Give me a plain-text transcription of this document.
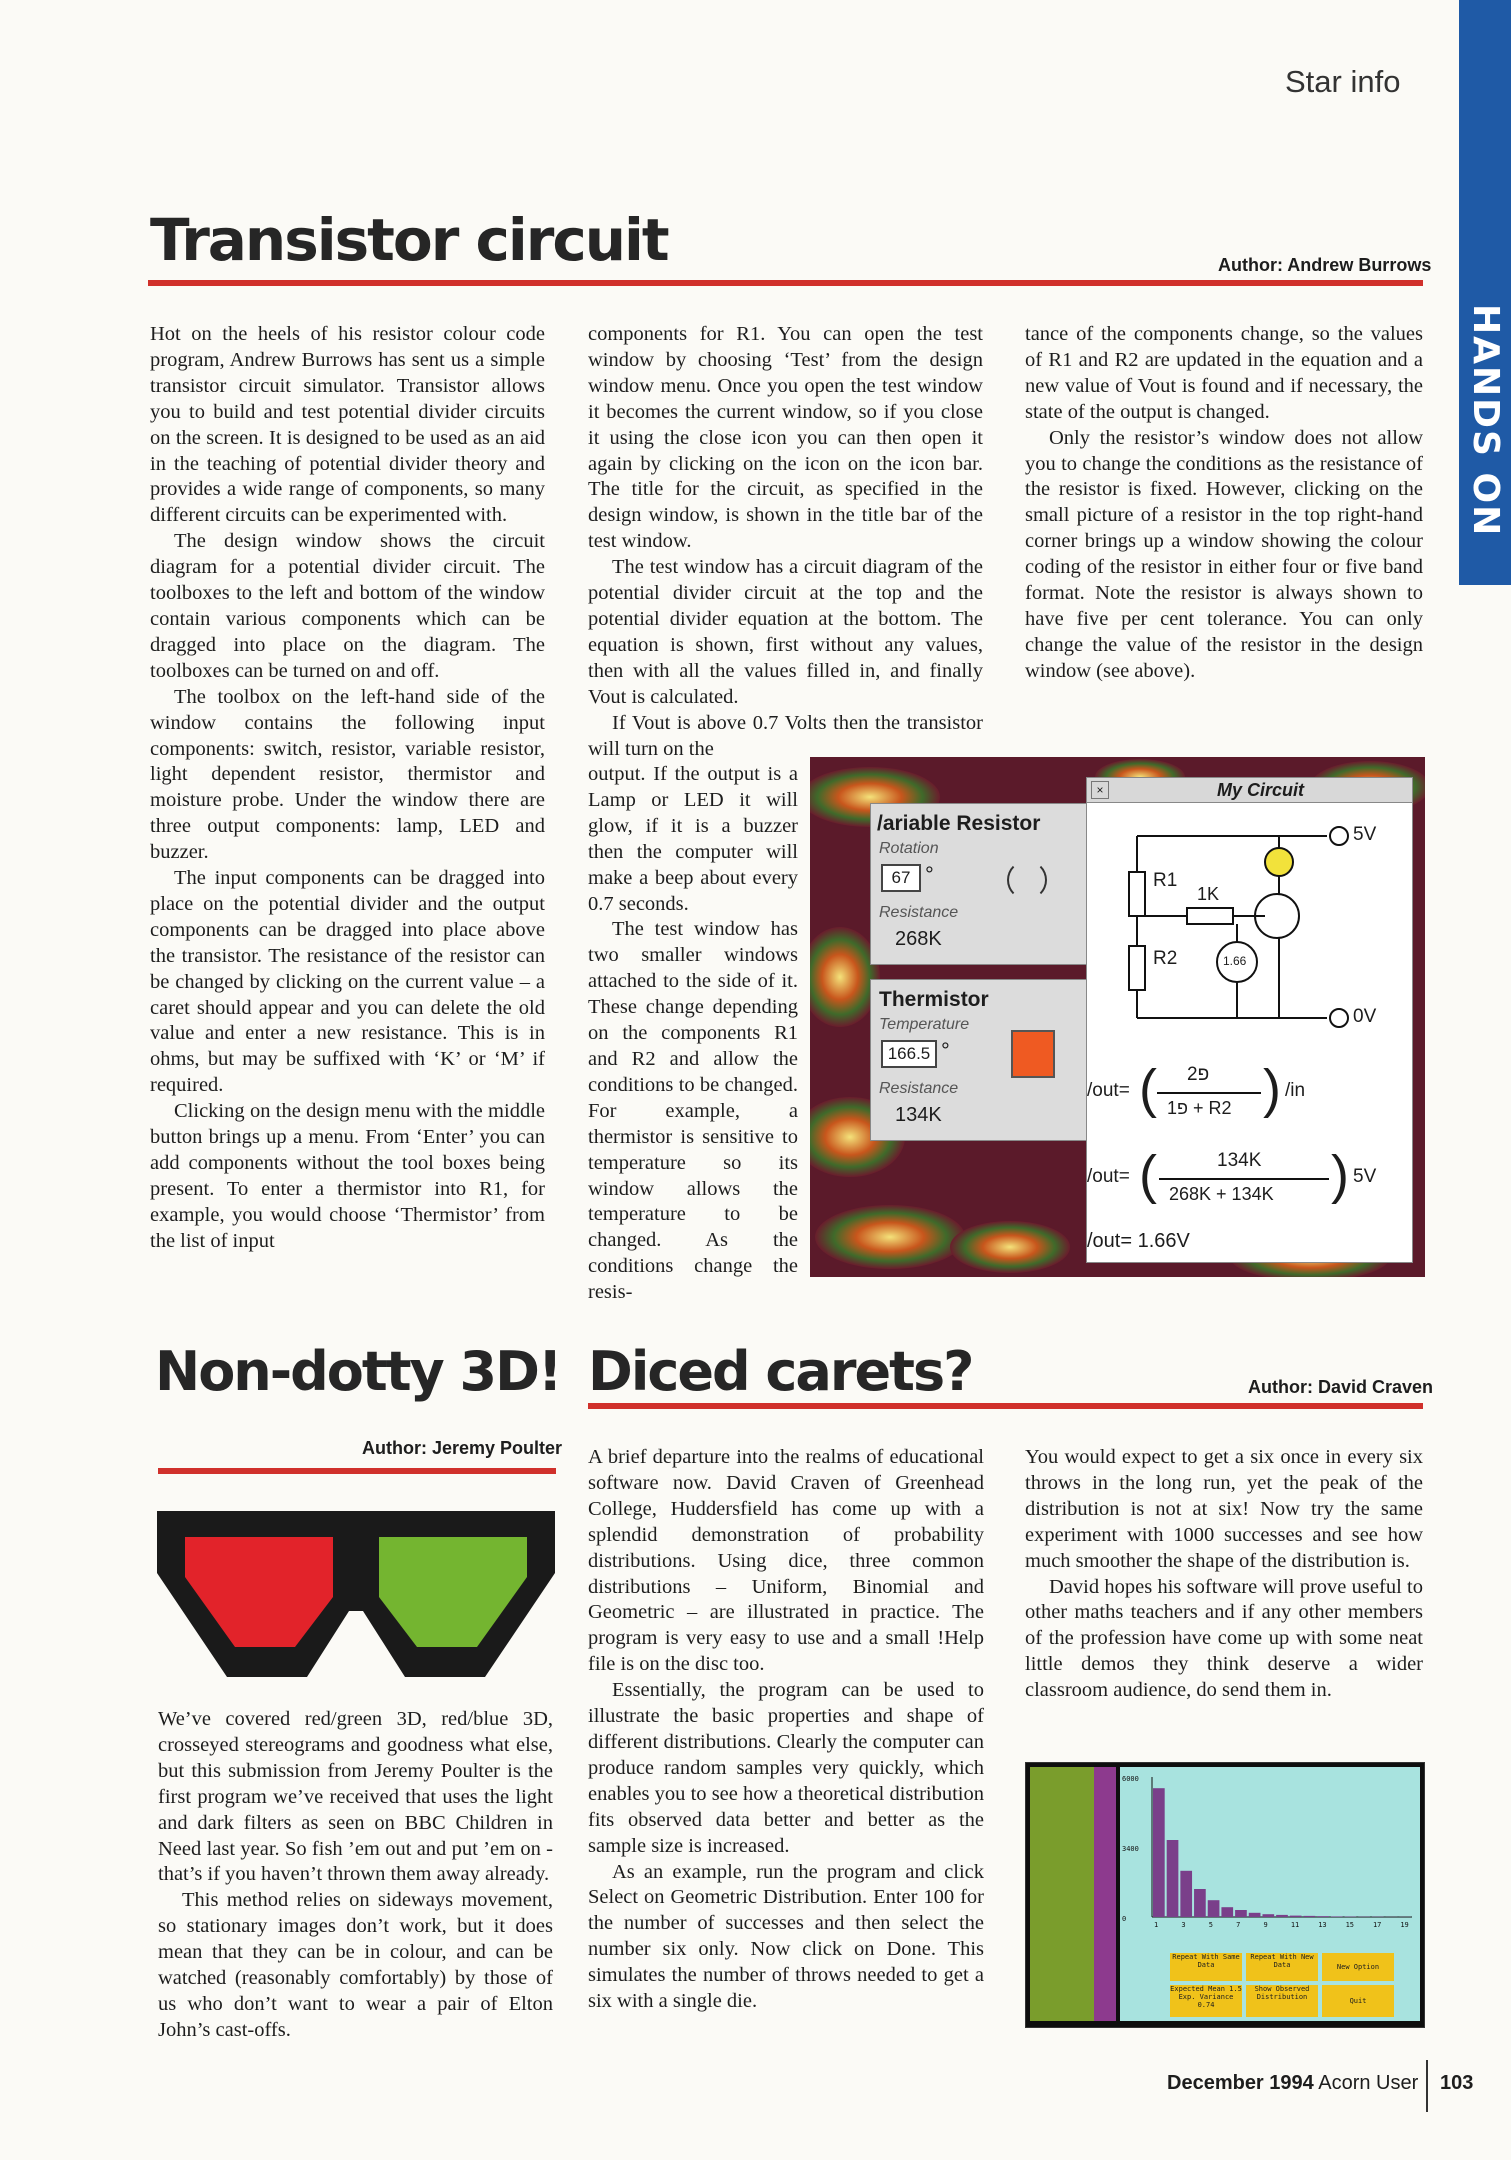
Star info
Transistor circuit	Author: Andrew Burrows

Hot on the heels of his resistor colour code program, Andrew Burrows has sent us a simple transistor circuit simulator. Transistor allows you to build and test potential divider circuits on the screen. It is designed to be used as an aid in the teaching of potential divider theory and provides a wide range of components, so many different circuits can be experimented with.

The design window shows the circuit diagram for a potential divider circuit. The toolboxes to the left and bottom of the window contain various components which can be dragged into place on the diagram. The toolboxes can be turned on and off.

The toolbox on the left-hand side of the window contains the following input components: switch, resistor, variable resistor, light dependent resistor, thermistor and moisture probe. Under the window there are three output components: lamp, LED and buzzer.

The input components can be dragged into place on the potential divider and the output components can be dragged into place above the transistor. The resistance of the resistor can be changed by clicking on the current value – a caret should appear and you can delete the old value and enter a new resistance. This is in ohms, but may be suffixed with ‘K’ or ‘M’ if required.

Clicking on the design menu with the middle button brings up a menu. From ‘Enter’ you can add components without the tool boxes being present. To enter a thermistor into R1, for example, you would choose ‘Thermistor’ from the list of input

components for R1. You can open the test window by choosing ‘Test’ from the design window menu. Once you open the test window it becomes the current window, so if you close it using the close icon you can then open it again by clicking on the icon on the icon bar. The title for the circuit, as specified in the design window, is shown in the title bar of the test window.

The test window has a circuit diagram of the potential divider circuit at the top and the potential divider equation at the bottom. The equation is shown, first without any values, then with all the values filled in, and finally Vout is calculated.

If Vout is above 0.7 Volts then the transistor will turn on the

output. If the output is a Lamp or LED it will glow, if it is a buzzer then the computer will make a beep about every 0.7 seconds.

The test window has two smaller windows attached to the side of it. These change depending on the components R1 and R2 and allow the conditions to be changed. For example, a thermistor is sensitive to temperature so its window allows the temperature to be changed. As the conditions change the resis-

tance of the components change, so the values of R1 and R2 are updated in the equation and a new value of Vout is found and if necessary, the state of the output is changed.

Only the resistor’s window does not allow you to change the conditions as the resistance of the resistor is fixed. However, clicking on the small picture of a resistor in the top right-hand corner brings up a window showing the colour coding of the resistor in either four or five band format. Note the resistor is always shown to have five per cent tolerance. You can only change the value of the resistor in the design window (see above).

/ariable Resistor
Rotation
67 °
Resistance
268K
Thermistor
Temperature
166.5 °
Resistance
134K
×	My Circuit
5V
0V
R1
R2
1K
1.66
/out= ( פ2
פ1 + R2 ) /in
/out= (	134K
268K + 134K ) 5V
/out= 1.66V
Non-dotty 3D!
Author: Jeremy Poulter

We’ve covered red/green 3D, red/blue 3D, crosseyed stereograms and goodness what else, but this submission from Jeremy Poulter is the first program we’ve received that uses the light and dark filters as seen on BBC Children in Need last year. So fish ’em out and put ’em on - that’s if you haven’t thrown them away already.

This method relies on sideways movement, so stationary images don’t work, but it does mean that they can be in colour, and can be watched (reasonably comfortably) by those of us who don’t want to wear a pair of Elton John’s cast-offs.

Diced carets?	Author: David Craven

A brief departure into the realms of educational software now. David Craven of Greenhead College, Huddersfield has come up with a splendid demonstration of probability distributions. Using dice, three common distributions – Uniform, Binomial and Geometric – are illustrated in practice. The program is very easy to use and a small !Help file is on the disc too.

Essentially, the program can be used to illustrate the basic properties and shape of different distributions. Clearly the computer can produce random samples very quickly, which enables you to see how a theoretical distribution fits observed data better and better as the sample size is increased.

As an example, run the program and click Select on Geometric Distribution. Enter 100 for the number of successes and then select the number six only. Now click on Done. This simulates the number of throws needed to get a six with a single die.

You would expect to get a six once in every six throws in the long run, yet the peak of the distribution is not at six! Now try the same experiment with 1000 successes and see how much smoother the shape of the distribution is.

David hopes his software will prove useful to other maths teachers and if any other members of the profession have come up with some neat little demos they think deserve a wider classroom audience, do send them in.

6000
3400
0
1	3	5	7	9	11	13	15	17	19
Repeat With Same Data
Repeat With New Data	New Option
Expected Mean 1.5 Exp. Variance 0.74
Show Observed Distribution	Quit
December 1994 Acorn User 103
